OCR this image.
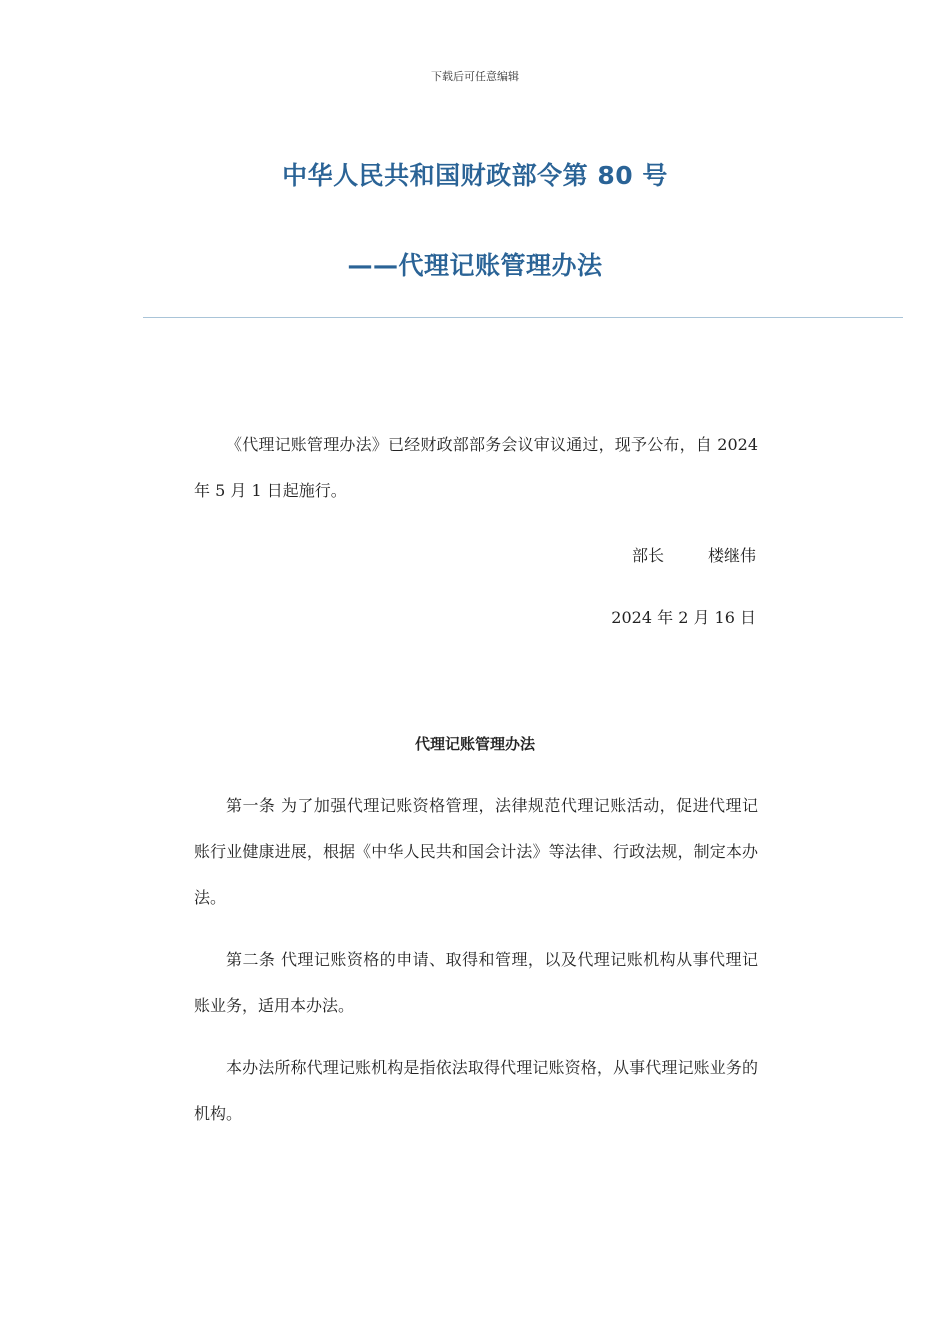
下载后可任意编辑
中华人民共和国财政部令第 80 号
——代理记账管理办法
《代理记账管理办法》已经财政部部务会议审议通过，现予公布，自 2024 年 5 月 1 日起施行。
部长	楼继伟
2024 年 2 月 16 日
代理记账管理办法
第一条 为了加强代理记账资格管理，法律规范代理记账活动，促进代理记账行业健康进展，根据《中华人民共和国会计法》等法律、行政法规，制定本办法。
第二条 代理记账资格的申请、取得和管理，以及代理记账机构从事代理记账业务，适用本办法。
本办法所称代理记账机构是指依法取得代理记账资格，从事代理记账业务的机构。
